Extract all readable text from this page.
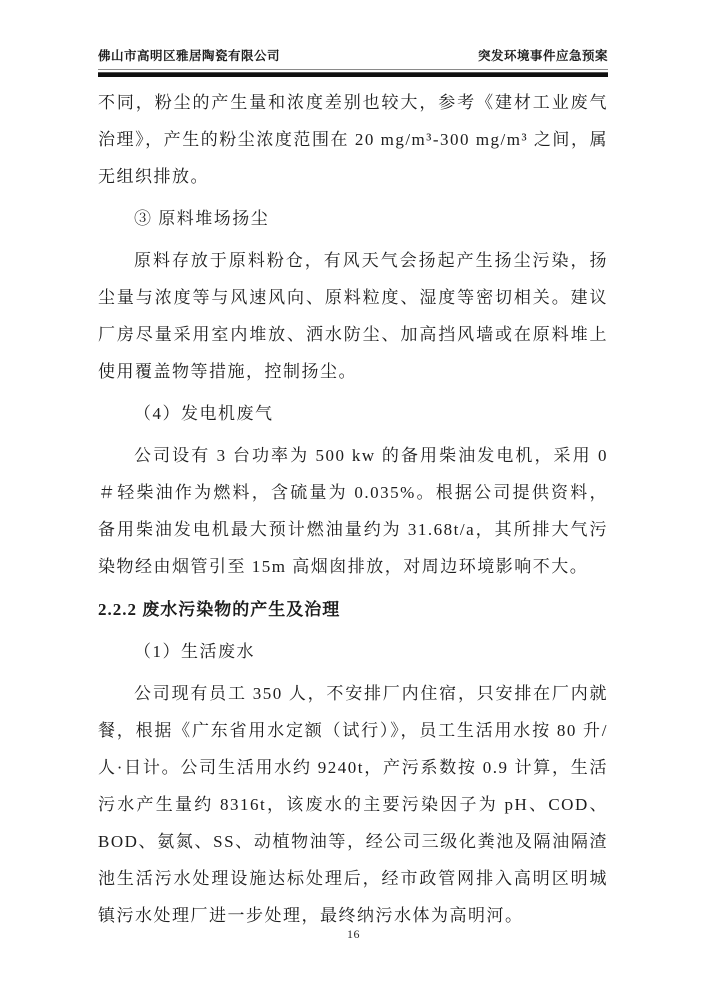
佛山市高明区雅居陶瓷有限公司	突发环境事件应急预案

不同，粉尘的产生量和浓度差别也较大，参考《建材工业废气治理》，产生的粉尘浓度范围在 20 mg/m³-300 mg/m³ 之间，属无组织排放。

③ 原料堆场扬尘

原料存放于原料粉仓，有风天气会扬起产生扬尘污染，扬尘量与浓度等与风速风向、原料粒度、湿度等密切相关。建议厂房尽量采用室内堆放、洒水防尘、加高挡风墙或在原料堆上使用覆盖物等措施，控制扬尘。

（4）发电机废气

公司设有 3 台功率为 500 kw 的备用柴油发电机，采用 0＃轻柴油作为燃料，含硫量为 0.035%。根据公司提供资料，备用柴油发电机最大预计燃油量约为 31.68t/a，其所排大气污染物经由烟管引至 15m 高烟囱排放，对周边环境影响不大。

2.2.2 废水污染物的产生及治理

（1）生活废水

公司现有员工 350 人，不安排厂内住宿，只安排在厂内就餐，根据《广东省用水定额（试行）》，员工生活用水按 80 升/人·日计。公司生活用水约 9240t，产污系数按 0.9 计算，生活污水产生量约 8316t，该废水的主要污染因子为 pH、COD、BOD、氨氮、SS、动植物油等，经公司三级化粪池及隔油隔渣池生活污水处理设施达标处理后，经市政管网排入高明区明城镇污水处理厂进一步处理，最终纳污水体为高明河。

16
